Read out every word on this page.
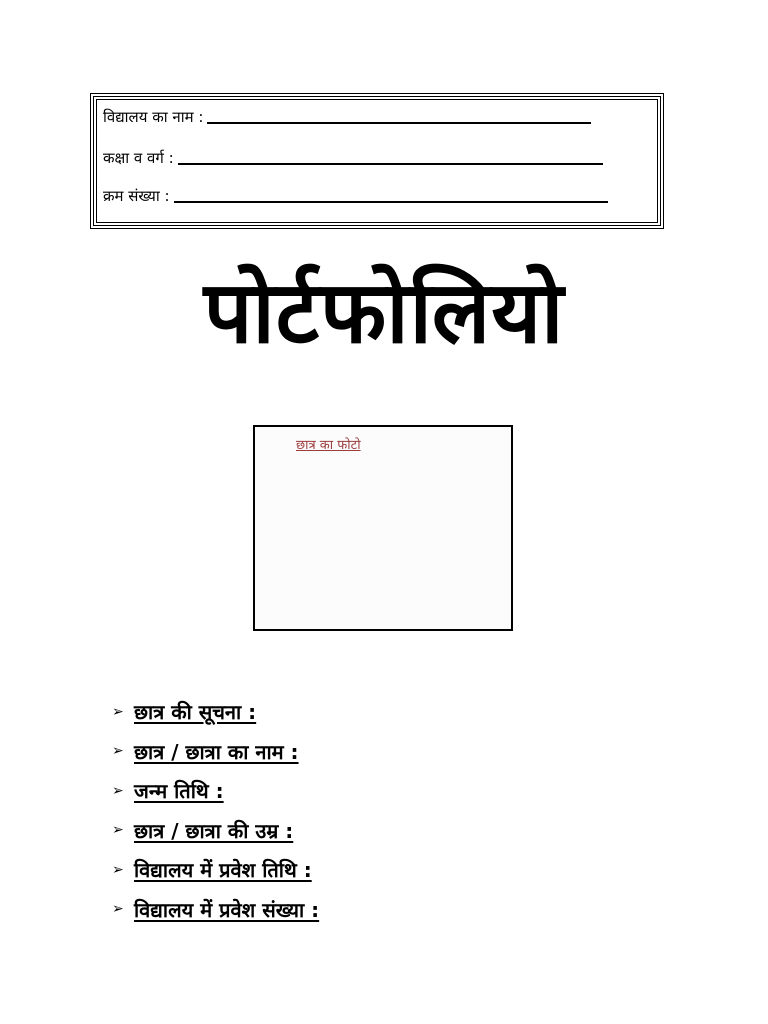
विद्यालय का नाम :
कक्षा व वर्ग :
क्रम संख्या :
पोर्टफोलियो
छात्र का फोटो
➢ छात्र की सूचना :
➢ छात्र / छात्रा का नाम :
➢ जन्म तिथि :
➢ छात्र / छात्रा की उम्र :
➢ विद्यालय में प्रवेश तिथि :
➢ विद्यालय में प्रवेश संख्या :
